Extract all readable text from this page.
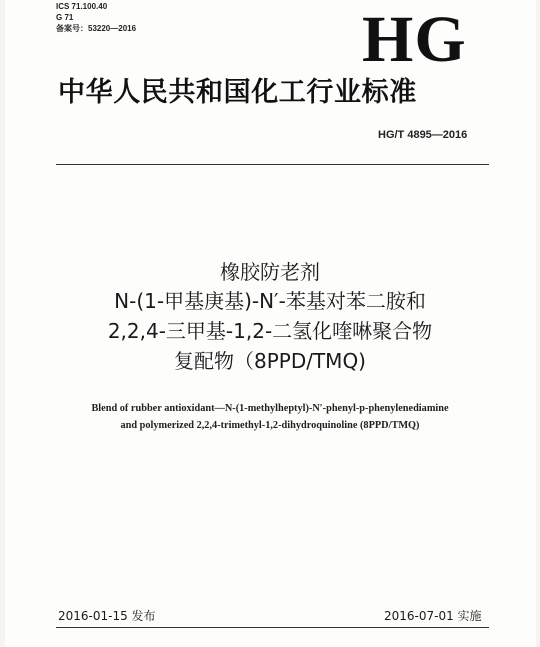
ICS 71.100.40
G 71
备案号：53220—2016	HG
中华人民共和国化工行业标准
HG/T 4895—2016
橡胶防老剂
N-(1-甲基庚基)-N′-苯基对苯二胺和
2,2,4-三甲基-1,2-二氢化喹啉聚合物
复配物（8PPD/TMQ)
Blend of rubber antioxidant—N-(1-methylheptyl)-N′-phenyl-p-phenylenediamine
and polymerized 2,2,4-trimethyl-1,2-dihydroquinoline (8PPD/TMQ)
2016-01-15 发布	2016-07-01 实施
